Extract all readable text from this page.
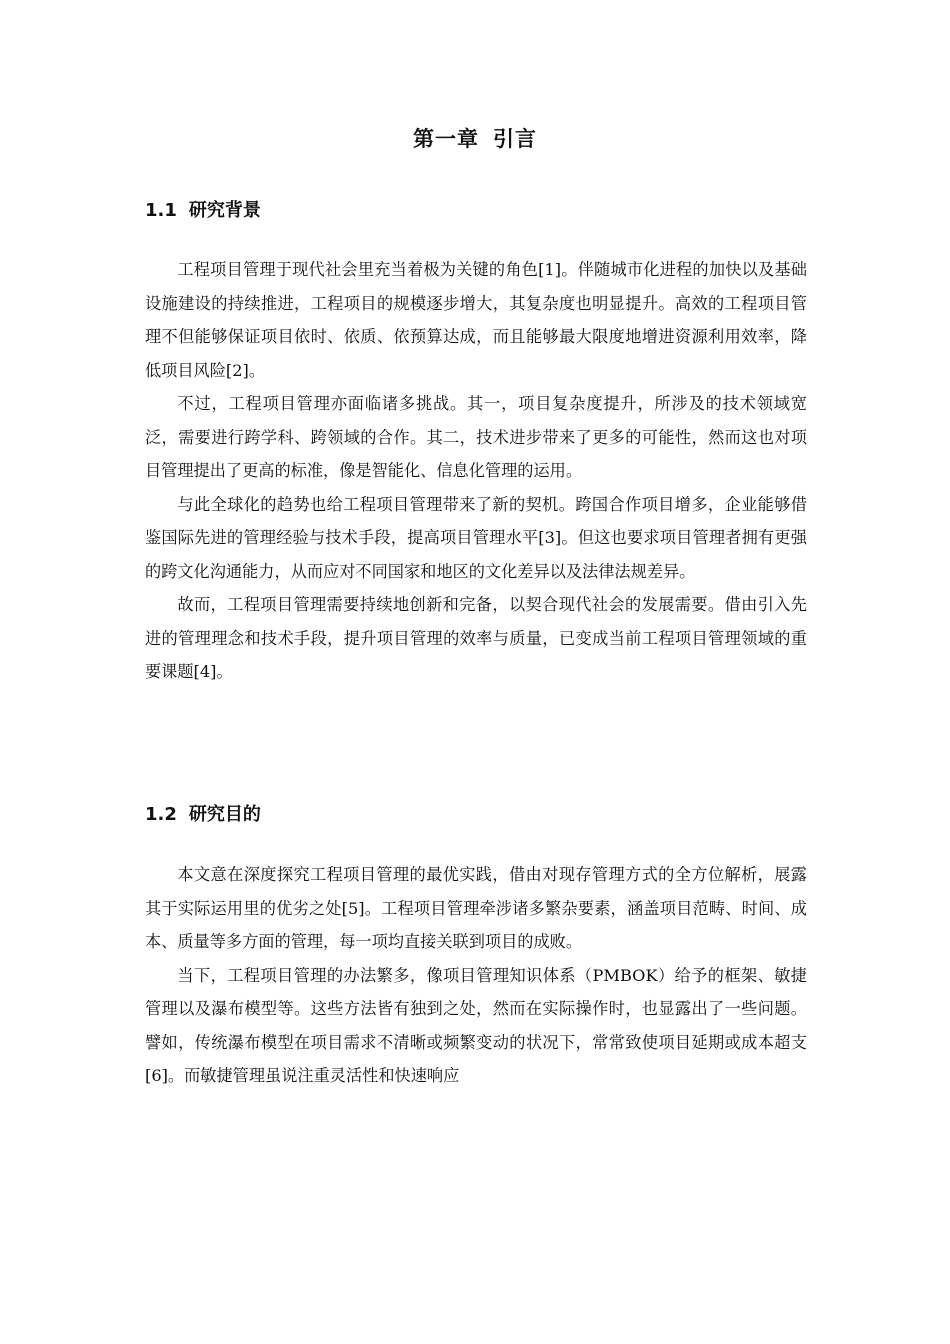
第一章 引言
1.1 研究背景

工程项目管理于现代社会里充当着极为关键的角色[1]。伴随城市化进程的加快以及基础设施建设的持续推进，工程项目的规模逐步增大，其复杂度也明显提升。高效的工程项目管理不但能够保证项目依时、依质、依预算达成，而且能够最大限度地增进资源利用效率，降低项目风险[2]。

不过，工程项目管理亦面临诸多挑战。其一，项目复杂度提升，所涉及的技术领域宽泛，需要进行跨学科、跨领域的合作。其二，技术进步带来了更多的可能性，然而这也对项目管理提出了更高的标准，像是智能化、信息化管理的运用。

与此全球化的趋势也给工程项目管理带来了新的契机。跨国合作项目增多，企业能够借鉴国际先进的管理经验与技术手段，提高项目管理水平[3]。但这也要求项目管理者拥有更强的跨文化沟通能力，从而应对不同国家和地区的文化差异以及法律法规差异。

故而，工程项目管理需要持续地创新和完备，以契合现代社会的发展需要。借由引入先进的管理理念和技术手段，提升项目管理的效率与质量，已变成当前工程项目管理领域的重要课题[4]。

1.2 研究目的

本文意在深度探究工程项目管理的最优实践，借由对现存管理方式的全方位解析，展露其于实际运用里的优劣之处[5]。工程项目管理牵涉诸多繁杂要素，涵盖项目范畴、时间、成本、质量等多方面的管理，每一项均直接关联到项目的成败。

当下，工程项目管理的办法繁多，像项目管理知识体系（PMBOK）给予的框架、敏捷管理以及瀑布模型等。这些方法皆有独到之处，然而在实际操作时，也显露出了一些问题。譬如，传统瀑布模型在项目需求不清晰或频繁变动的状况下，常常致使项目延期或成本超支[6]。而敏捷管理虽说注重灵活性和快速响应
